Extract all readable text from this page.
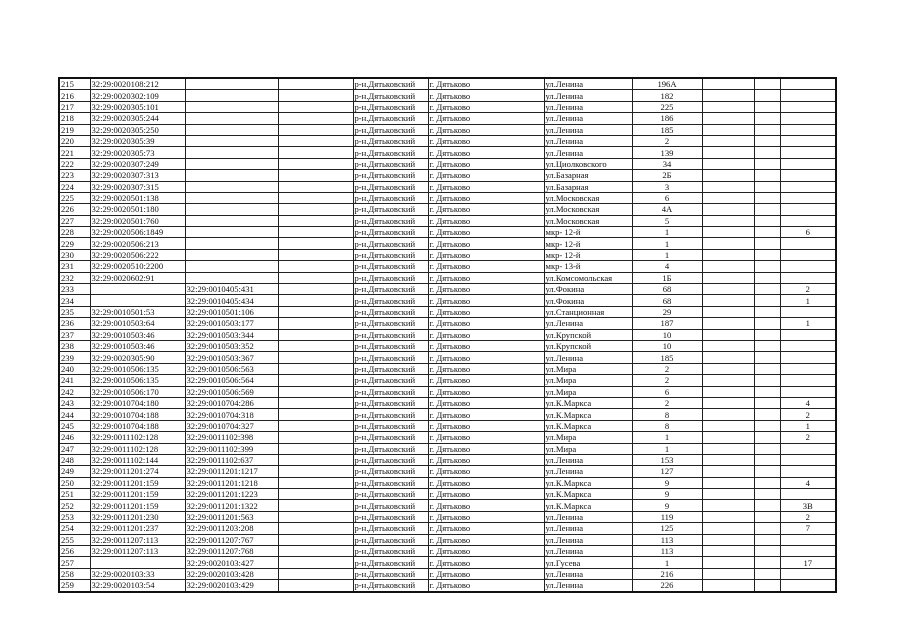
215	32:29:0020108:212			р-н.Дятьковский	г. Дятьково	ул.Ленина	196А			
216	32:29:0020302:109			р-н.Дятьковский	г. Дятьково	ул.Ленина	182			
217	32:29:0020305:101			р-н.Дятьковский	г. Дятьково	ул.Ленина	225			
218	32:29:0020305:244			р-н.Дятьковский	г. Дятьково	ул.Ленина	186			
219	32:29:0020305:250			р-н.Дятьковский	г. Дятьково	ул.Ленина	185			
220	32:29:0020305:39			р-н.Дятьковский	г. Дятьково	ул.Ленина	2			
221	32:29:0020305:73			р-н.Дятьковский	г. Дятьково	ул.Ленина	139			
222	32:29:0020307:249			р-н.Дятьковский	г. Дятьково	ул.Циолковского	34			
223	32:29:0020307:313			р-н.Дятьковский	г. Дятьково	ул.Базарная	2Б			
224	32:29:0020307:315			р-н.Дятьковский	г. Дятьково	ул.Базарная	3			
225	32:29:0020501:138			р-н.Дятьковский	г. Дятьково	ул.Московская	6			
226	32:29:0020501:180			р-н.Дятьковский	г. Дятьково	ул.Московская	4А			
227	32:29:0020501:760			р-н.Дятьковский	г. Дятьково	ул.Московская	5			
228	32:29:0020506:1849			р-н.Дятьковский	г. Дятьково	мкр- 12-й	1			6
229	32:29:0020506:213			р-н.Дятьковский	г. Дятьково	мкр- 12-й	1			
230	32:29:0020506:222			р-н.Дятьковский	г. Дятьково	мкр- 12-й	1			
231	32:29:0020510:2200			р-н.Дятьковский	г. Дятьково	мкр- 13-й	4			
232	32:29:0020602:91			р-н.Дятьковский	г. Дятьково	ул.Комсомольская	1Б			
233		32:29:0010405:431		р-н.Дятьковский	г. Дятьково	ул.Фокина	68			2
234		32:29:0010405:434		р-н.Дятьковский	г. Дятьково	ул.Фокина	68			1
235	32:29:0010501:53	32:29:0010501:106		р-н.Дятьковский	г. Дятьково	ул.Станционная	29			
236	32:29:0010503:64	32:29:0010503:177		р-н.Дятьковский	г. Дятьково	ул.Ленина	187			1
237	32:29:0010503:46	32:29:0010503:344		р-н.Дятьковский	г. Дятьково	ул.Крупской	10			
238	32:29:0010503:46	32:29:0010503:352		р-н.Дятьковский	г. Дятьково	ул.Крупской	10			
239	32:29:0020305:90	32:29:0010503:367		р-н.Дятьковский	г. Дятьково	ул.Ленина	185			
240	32:29:0010506:135	32:29:0010506:563		р-н.Дятьковский	г. Дятьково	ул.Мира	2			
241	32:29:0010506:135	32:29:0010506:564		р-н.Дятьковский	г. Дятьково	ул.Мира	2			
242	32:29:0010506:170	32:29:0010506:569		р-н.Дятьковский	г. Дятьково	ул.Мира	6			
243	32:29:0010704:180	32:29:0010704:286		р-н.Дятьковский	г. Дятьково	ул.К.Маркса	2			4
244	32:29:0010704:188	32:29:0010704:318		р-н.Дятьковский	г. Дятьково	ул.К.Маркса	8			2
245	32:29:0010704:188	32:29:0010704:327		р-н.Дятьковский	г. Дятьково	ул.К.Маркса	8			1
246	32:29:0011102:128	32:29:0011102:398		р-н.Дятьковский	г. Дятьково	ул.Мира	1			2
247	32:29:0011102:128	32:29:0011102:399		р-н.Дятьковский	г. Дятьково	ул.Мира	1			
248	32:29:0011102:144	32:29:0011102:637		р-н.Дятьковский	г. Дятьково	ул.Ленина	153			
249	32:29:0011201:274	32:29:0011201:1217		р-н.Дятьковский	г. Дятьково	ул.Ленина	127			
250	32:29:0011201:159	32:29:0011201:1218		р-н.Дятьковский	г. Дятьково	ул.К.Маркса	9			4
251	32:29:0011201:159	32:29:0011201:1223		р-н.Дятьковский	г. Дятьково	ул.К.Маркса	9			
252	32:29:0011201:159	32:29:0011201:1322		р-н.Дятьковский	г. Дятьково	ул.К.Маркса	9			3В
253	32:29:0011201:230	32:29:0011201:563		р-н.Дятьковский	г. Дятьково	ул.Ленина	119			2
254	32:29:0011201:237	32:29:0011203:208		р-н.Дятьковский	г. Дятьково	ул.Ленина	125			7
255	32:29:0011207:113	32:29:0011207:767		р-н.Дятьковский	г. Дятьково	ул.Ленина	113			
256	32:29:0011207:113	32:29:0011207:768		р-н.Дятьковский	г. Дятьково	ул.Ленина	113			
257		32:29:0020103:427		р-н.Дятьковский	г. Дятьково	ул.Гусева	1			17
258	32:29:0020103:33	32:29:0020103:428		р-н.Дятьковский	г. Дятьково	ул.Ленина	216			
259	32:29:0020103:54	32:29:0020103:429		р-н.Дятьковский	г. Дятьково	ул.Ленина	226			
